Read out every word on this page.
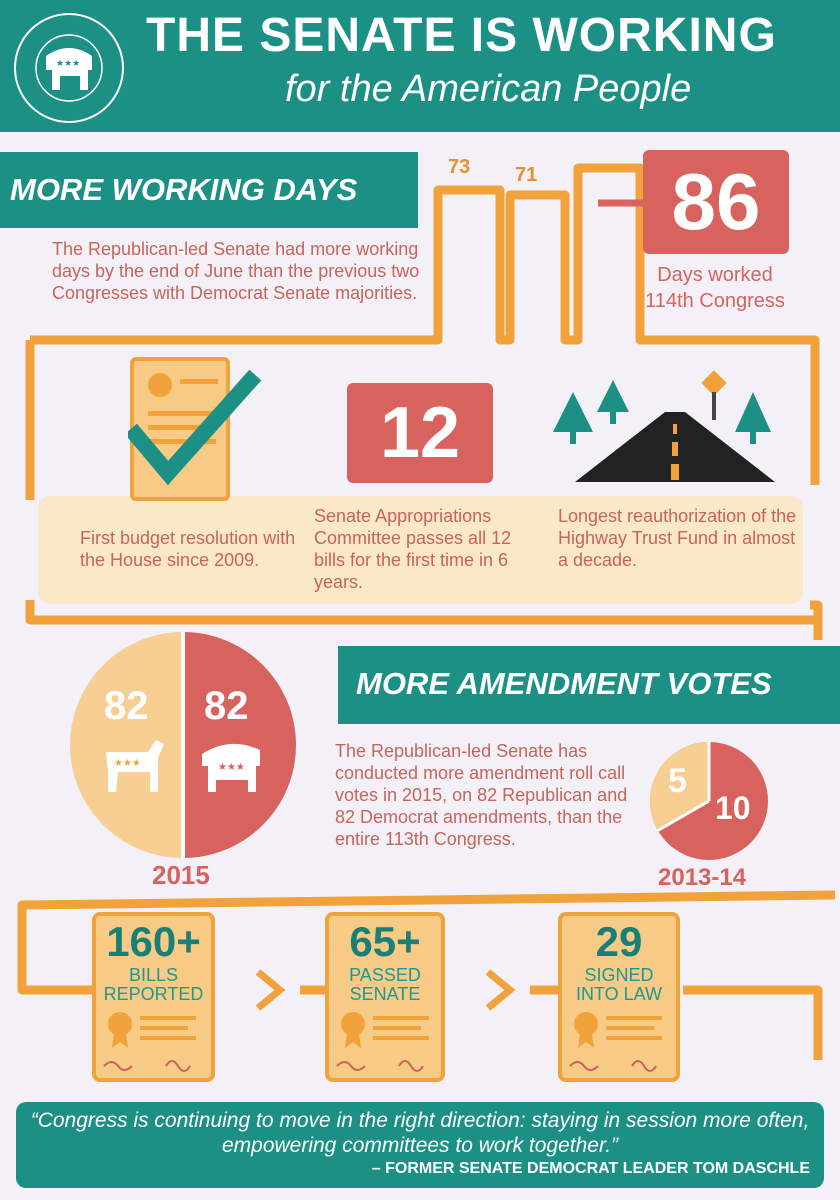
★★★
THE SENATE IS WORKING
for the American People
MORE WORKING DAYS
The Republican-led Senate had more working days by the end of June than the previous two Congresses with Democrat Senate majorities.
73 71	86
Days worked
114th Congress
12
First budget resolution with the House since 2009.
Senate Appropriations Committee passes all 12 bills for the first time in 6 years.
Longest reauthorization of the Highway Trust Fund in almost a decade.
MORE AMENDMENT VOTES
The Republican-led Senate has conducted more amendment roll call votes in 2015, on 82 Republican and 82 Democrat amendments, than the entire 113th Congress.
★★★	★★★
82 82
2015
5
10
2013-14
160+
BILLS
REPORTED
65+
PASSED
SENATE
29
SIGNED
INTO LAW
“Congress is continuing to move in the right direction: staying in session more often, empowering committees to work together.”
– FORMER SENATE DEMOCRAT LEADER TOM DASCHLE
